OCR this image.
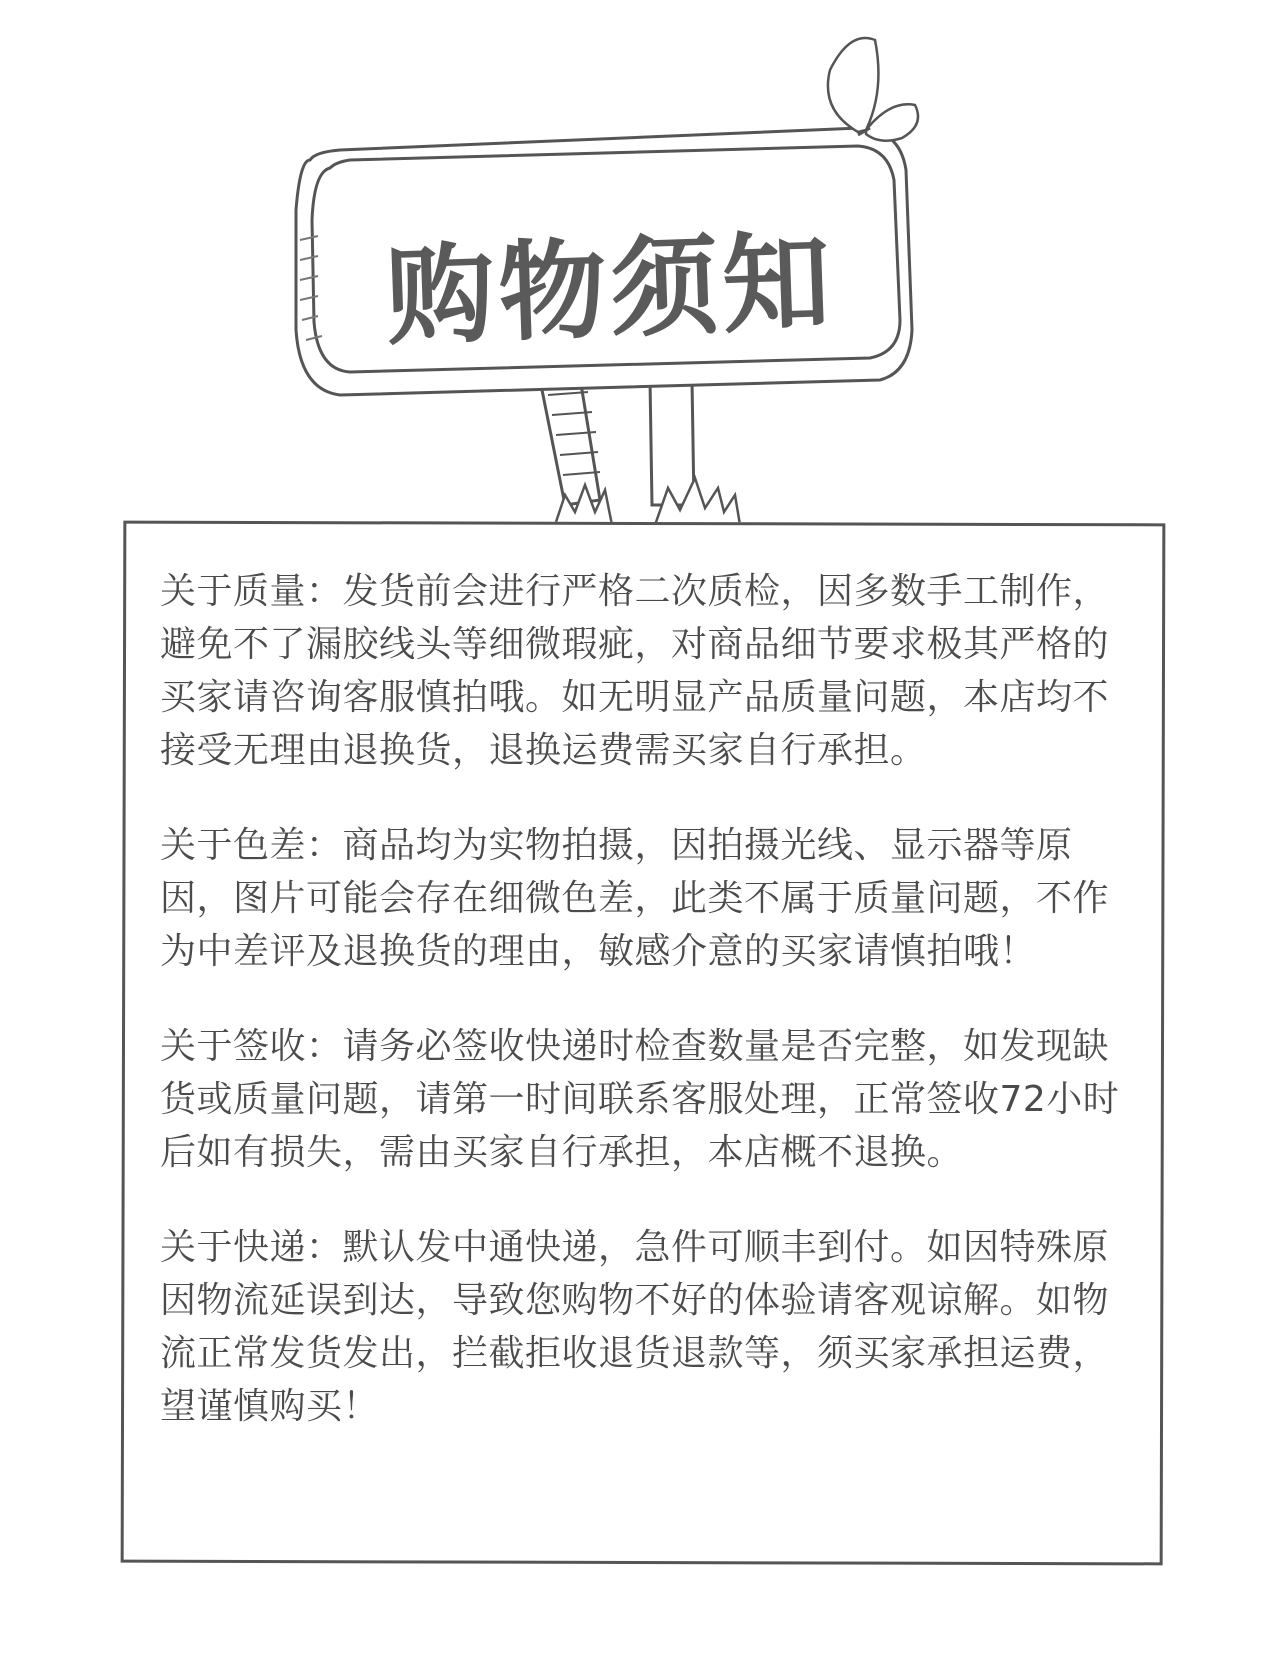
购物须知

关于质量：发货前会进行严格二次质检，因多数手工制作，避免不了漏胶线头等细微瑕疵，对商品细节要求极其严格的买家请咨询客服慎拍哦。如无明显产品质量问题，本店均不接受无理由退换货，退换运费需买家自行承担。

关于色差：商品均为实物拍摄，因拍摄光线、显示器等原因，图片可能会存在细微色差，此类不属于质量问题，不作为中差评及退换货的理由，敏感介意的买家请慎拍哦！

关于签收：请务必签收快递时检查数量是否完整，如发现缺货或质量问题，请第一时间联系客服处理，正常签收72小时后如有损失，需由买家自行承担，本店概不退换。

关于快递：默认发中通快递，急件可顺丰到付。如因特殊原因物流延误到达，导致您购物不好的体验请客观谅解。如物流正常发货发出，拦截拒收退货退款等，须买家承担运费，望谨慎购买！
